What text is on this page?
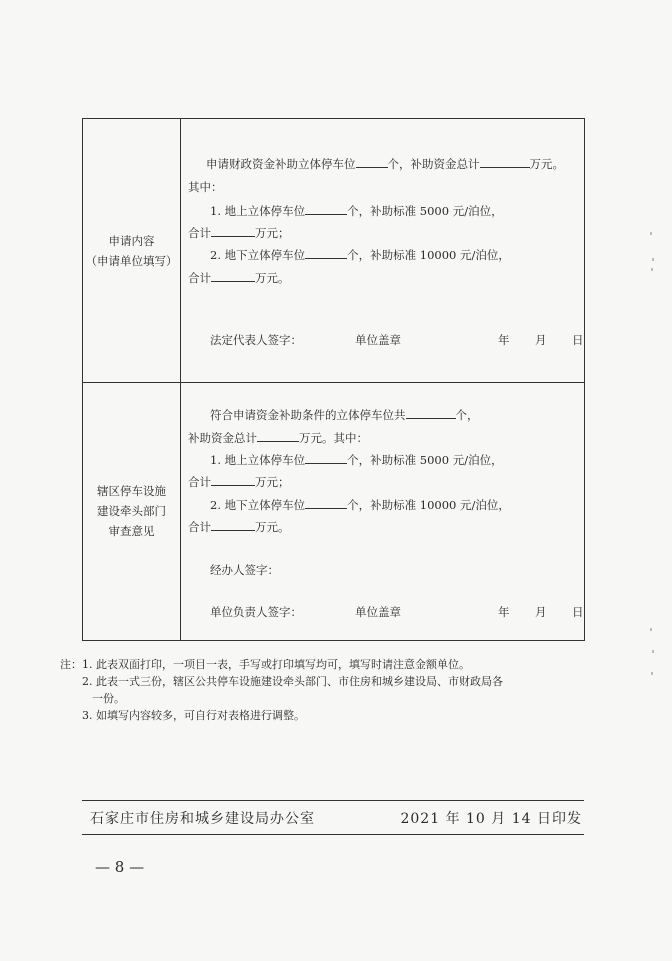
申请内容
（申请单位填写）
申请财政资金补助立体停车位	个，补助资金总计	万元。
其中：
1. 地上立体停车位	个，补助标准 5000 元/泊位，
合计	万元；
2. 地下立体停车位	个，补助标准 10000 元/泊位，
合计	万元。
法定代表人签字：	单位盖章	年 月 日
辖区停车设施
建设牵头部门
审查意见
符合申请资金补助条件的立体停车位共	个，
补助资金总计	万元。其中：
1. 地上立体停车位	个，补助标准 5000 元/泊位，
合计	万元；
2. 地下立体停车位	个，补助标准 10000 元/泊位，
合计	万元。
经办人签字：
单位负责人签字：	单位盖章	年 月 日
注： 1. 此表双面打印，一项目一表，手写或打印填写均可，填写时请注意金额单位。
2. 此表一式三份，辖区公共停车设施建设牵头部门、市住房和城乡建设局、市财政局各
一份。
3. 如填写内容较多，可自行对表格进行调整。
石家庄市住房和城乡建设局办公室	2021 年 10 月 14 日印发
— 8 —
